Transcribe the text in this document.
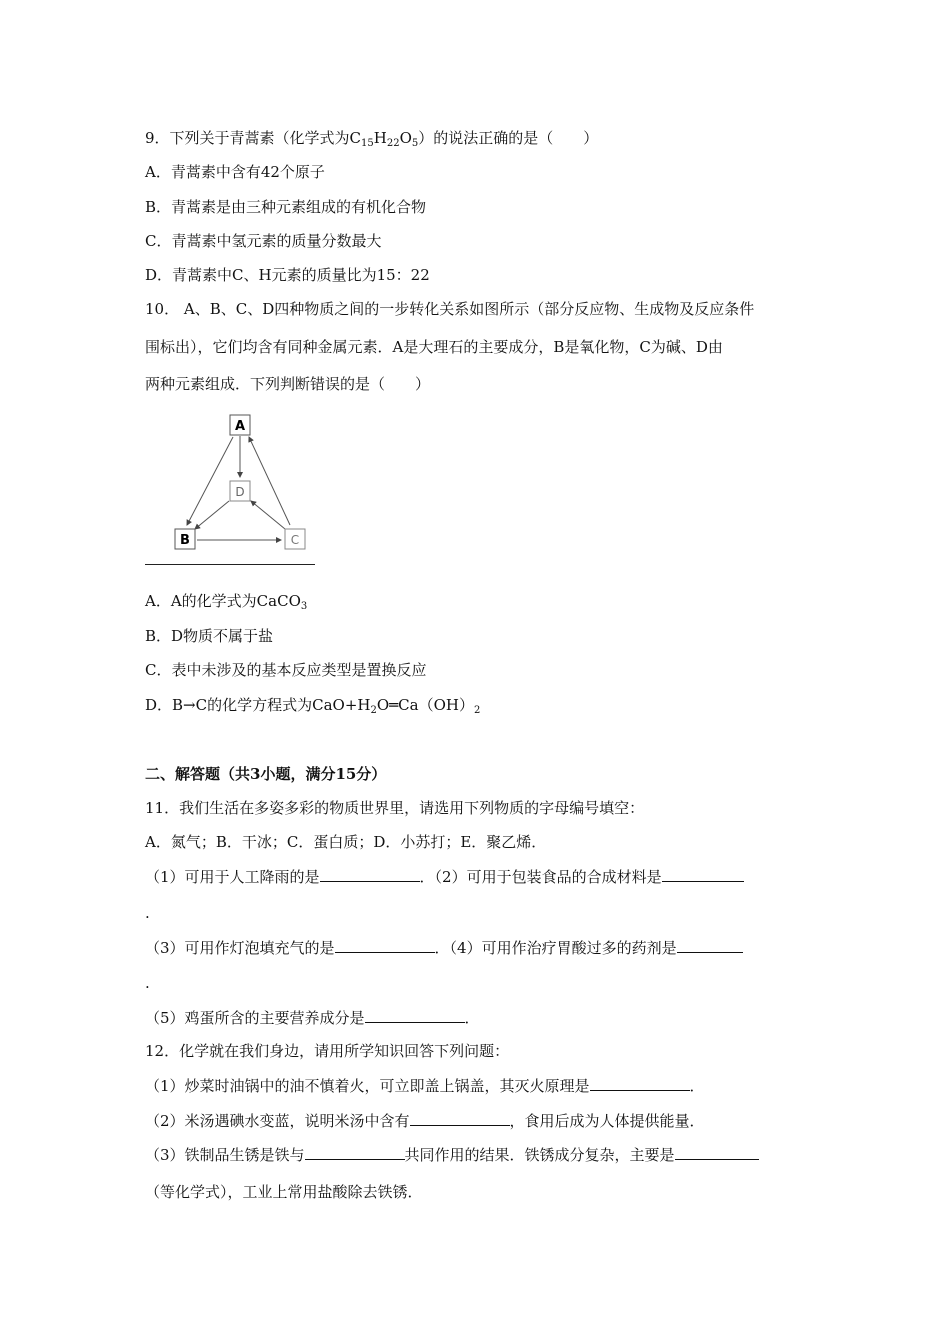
9．下列关于青蒿素（化学式为$C_{15}H_{22}O_5$）的说法正确的是（　　）
A．青蒿素中含有42个原子
B．青蒿素是由三种元素组成的有机化合物
C．青蒿素中氢元素的质量分数最大
D．青蒿素中C、H元素的质量比为15：22
10． A、B、C、D四种物质之间的一步转化关系如图所示（部分反应物、生成物及反应条件
围标出），它们均含有同种金属元素．A是大理石的主要成分，B是氧化物，C为碱、D由
两种元素组成．下列判断错误的是（　　）
A
D
B	C
A．A的化学式为CaCO$_3$
B．D物质不属于盐
C．表中未涉及的基本反应类型是置换反应
D．B→C的化学方程式为$CaO+H_2O═Ca(OH)_2$
二、解答题（共3小题，满分15分）
11．我们生活在多姿多彩的物质世界里，请选用下列物质的字母编号填空：
A．氮气；B．干冰；C．蛋白质；D．小苏打；E．聚乙烯．
（1）可用于人工降雨的是	．（2）可用于包装食品的合成材料是
.
（3）可用作灯泡填充气的是	．（4）可用作治疗胃酸过多的药剂是
.
（5）鸡蛋所含的主要营养成分是	．
12．化学就在我们身边，请用所学知识回答下列问题：
（1）炒菜时油锅中的油不慎着火，可立即盖上锅盖，其灭火原理是	．
（2）米汤遇碘水变蓝，说明米汤中含有	，食用后成为人体提供能量．
（3）铁制品生锈是铁与	共同作用的结果．铁锈成分复杂，主要是
（等化学式），工业上常用盐酸除去铁锈．
